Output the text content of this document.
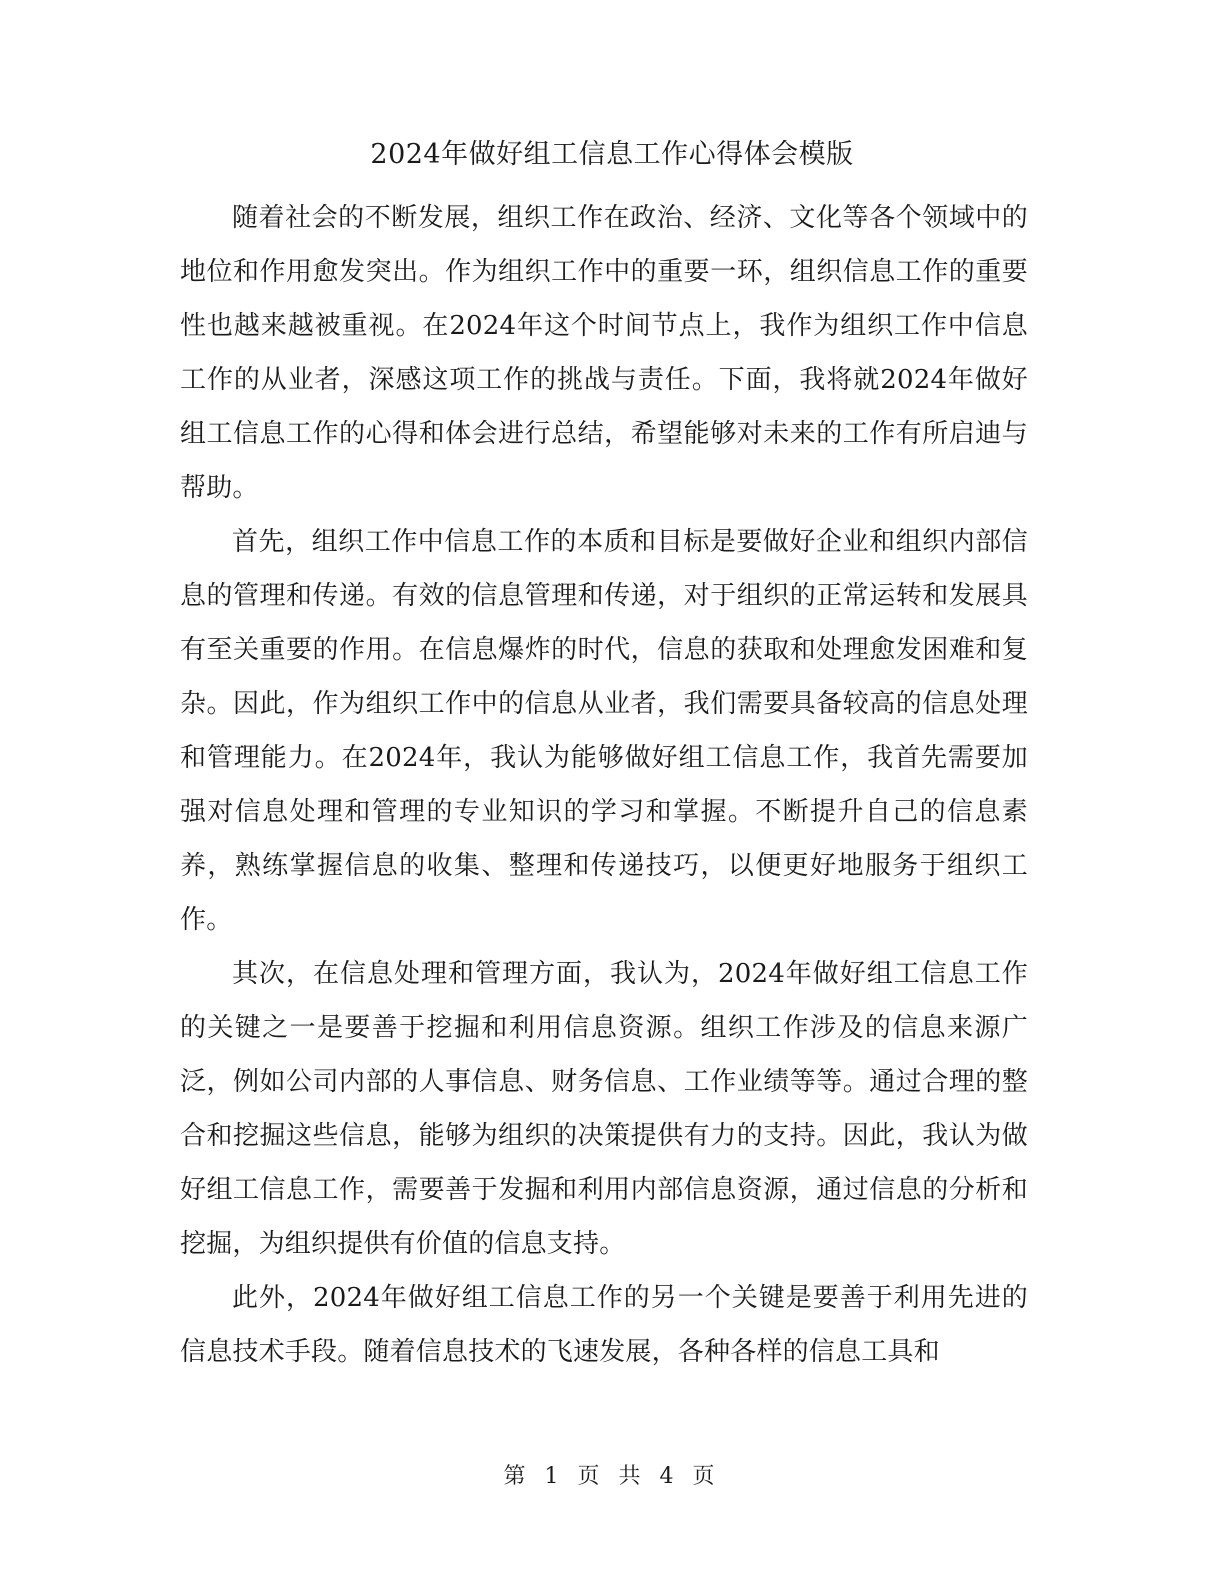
2024年做好组工信息工作心得体会模版

随着社会的不断发展，组织工作在政治、经济、文化等各个领域中的地位和作用愈发突出。作为组织工作中的重要一环，组织信息工作的重要性也越来越被重视。在2024年这个时间节点上，我作为组织工作中信息工作的从业者，深感这项工作的挑战与责任。下面，我将就2024年做好组工信息工作的心得和体会进行总结，希望能够对未来的工作有所启迪与帮助。

首先，组织工作中信息工作的本质和目标是要做好企业和组织内部信息的管理和传递。有效的信息管理和传递，对于组织的正常运转和发展具有至关重要的作用。在信息爆炸的时代，信息的获取和处理愈发困难和复杂。因此，作为组织工作中的信息从业者，我们需要具备较高的信息处理和管理能力。在2024年，我认为能够做好组工信息工作，我首先需要加强对信息处理和管理的专业知识的学习和掌握。不断提升自己的信息素养，熟练掌握信息的收集、整理和传递技巧，以便更好地服务于组织工作。

其次，在信息处理和管理方面，我认为，2024年做好组工信息工作的关键之一是要善于挖掘和利用信息资源。组织工作涉及的信息来源广泛，例如公司内部的人事信息、财务信息、工作业绩等等。通过合理的整合和挖掘这些信息，能够为组织的决策提供有力的支持。因此，我认为做好组工信息工作，需要善于发掘和利用内部信息资源，通过信息的分析和挖掘，为组织提供有价值的信息支持。

此外，2024年做好组工信息工作的另一个关键是要善于利用先进的信息技术手段。随着信息技术的飞速发展，各种各样的信息工具和

第 1 页 共 4 页
